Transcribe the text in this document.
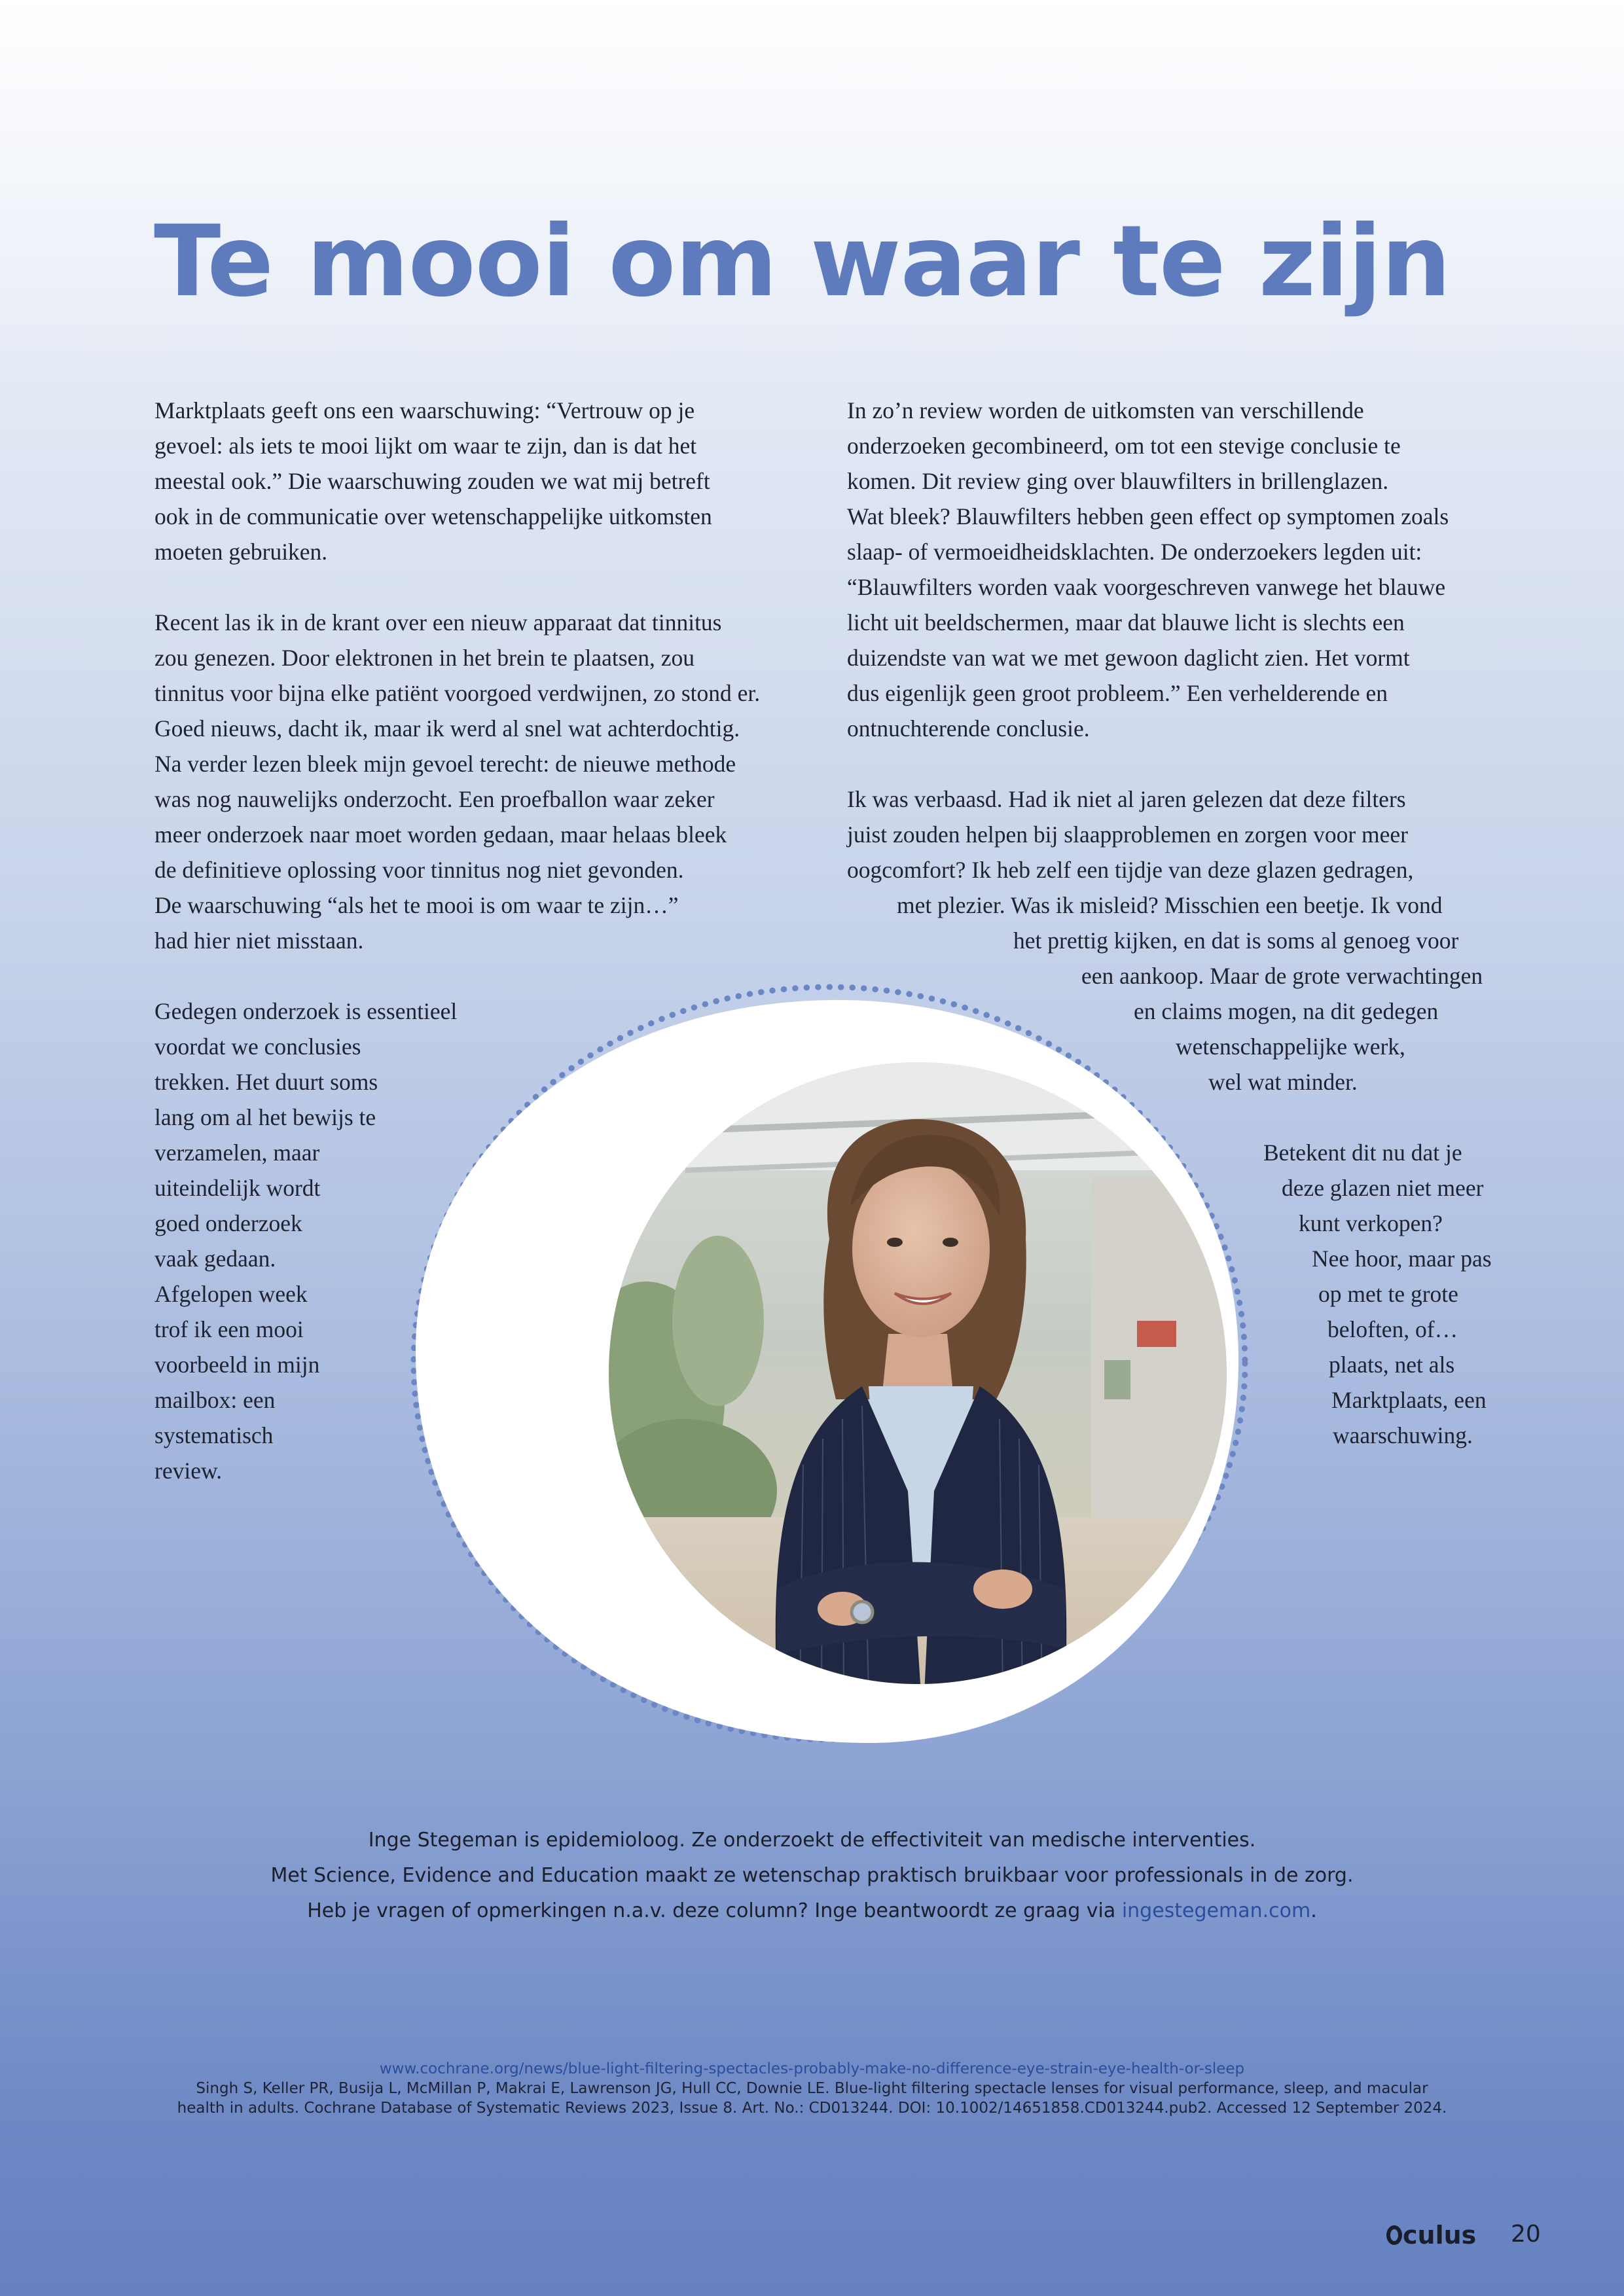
Te mooi om waar te zijn
Marktplaats geeft ons een waarschuwing: “Vertrouw op je
gevoel: als iets te mooi lijkt om waar te zijn, dan is dat het
meestal ook.” Die waarschuwing zouden we wat mij betreft
ook in de communicatie over wetenschappelijke uitkomsten
moeten gebruiken.
Recent las ik in de krant over een nieuw apparaat dat tinnitus
zou genezen. Door elektronen in het brein te plaatsen, zou
tinnitus voor bijna elke patiënt voorgoed verdwijnen, zo stond er.
Goed nieuws, dacht ik, maar ik werd al snel wat achterdochtig.
Na verder lezen bleek mijn gevoel terecht: de nieuwe methode
was nog nauwelijks onderzocht. Een proefballon waar zeker
meer onderzoek naar moet worden gedaan, maar helaas bleek
de definitieve oplossing voor tinnitus nog niet gevonden.
De waarschuwing “als het te mooi is om waar te zijn…”
had hier niet misstaan.
Gedegen onderzoek is essentieel
voordat we conclusies
trekken. Het duurt soms
lang om al het bewijs te
verzamelen, maar
uiteindelijk wordt
goed onderzoek
vaak gedaan.
Afgelopen week
trof ik een mooi
voorbeeld in mijn
mailbox: een
systematisch
review.
In zo’n review worden de uitkomsten van verschillende
onderzoeken gecombineerd, om tot een stevige conclusie te
komen. Dit review ging over blauwfilters in brillenglazen.
Wat bleek? Blauwfilters hebben geen effect op symptomen zoals
slaap- of vermoeidheidsklachten. De onderzoekers legden uit:
“Blauwfilters worden vaak voorgeschreven vanwege het blauwe
licht uit beeldschermen, maar dat blauwe licht is slechts een
duizendste van wat we met gewoon daglicht zien. Het vormt
dus eigenlijk geen groot probleem.” Een verhelderende en
ontnuchterende conclusie.
Ik was verbaasd. Had ik niet al jaren gelezen dat deze filters
juist zouden helpen bij slaapproblemen en zorgen voor meer
oogcomfort? Ik heb zelf een tijdje van deze glazen gedragen,
met plezier. Was ik misleid? Misschien een beetje. Ik vond
het prettig kijken, en dat is soms al genoeg voor
een aankoop. Maar de grote verwachtingen
en claims mogen, na dit gedegen
wetenschappelijke werk,
wel wat minder.
Betekent dit nu dat je
deze glazen niet meer
kunt verkopen?
Nee hoor, maar pas
op met te grote
beloften, of…
plaats, net als
Marktplaats, een
waarschuwing.
Inge Stegeman is epidemioloog. Ze onderzoekt de effectiviteit van medische interventies.
Met Science, Evidence and Education maakt ze wetenschap praktisch bruikbaar voor professionals in de zorg.
Heb je vragen of opmerkingen n.a.v. deze column? Inge beantwoordt ze graag via ingestegeman.com.
www.cochrane.org/news/blue-light-filtering-spectacles-probably-make-no-difference-eye-strain-eye-health-or-sleep
Singh S, Keller PR, Busija L, McMillan P, Makrai E, Lawrenson JG, Hull CC, Downie LE. Blue‐light filtering spectacle lenses for visual performance, sleep, and macular
health in adults. Cochrane Database of Systematic Reviews 2023, Issue 8. Art. No.: CD013244. DOI: 10.1002/14651858.CD013244.pub2. Accessed 12 September 2024.
culus 20
